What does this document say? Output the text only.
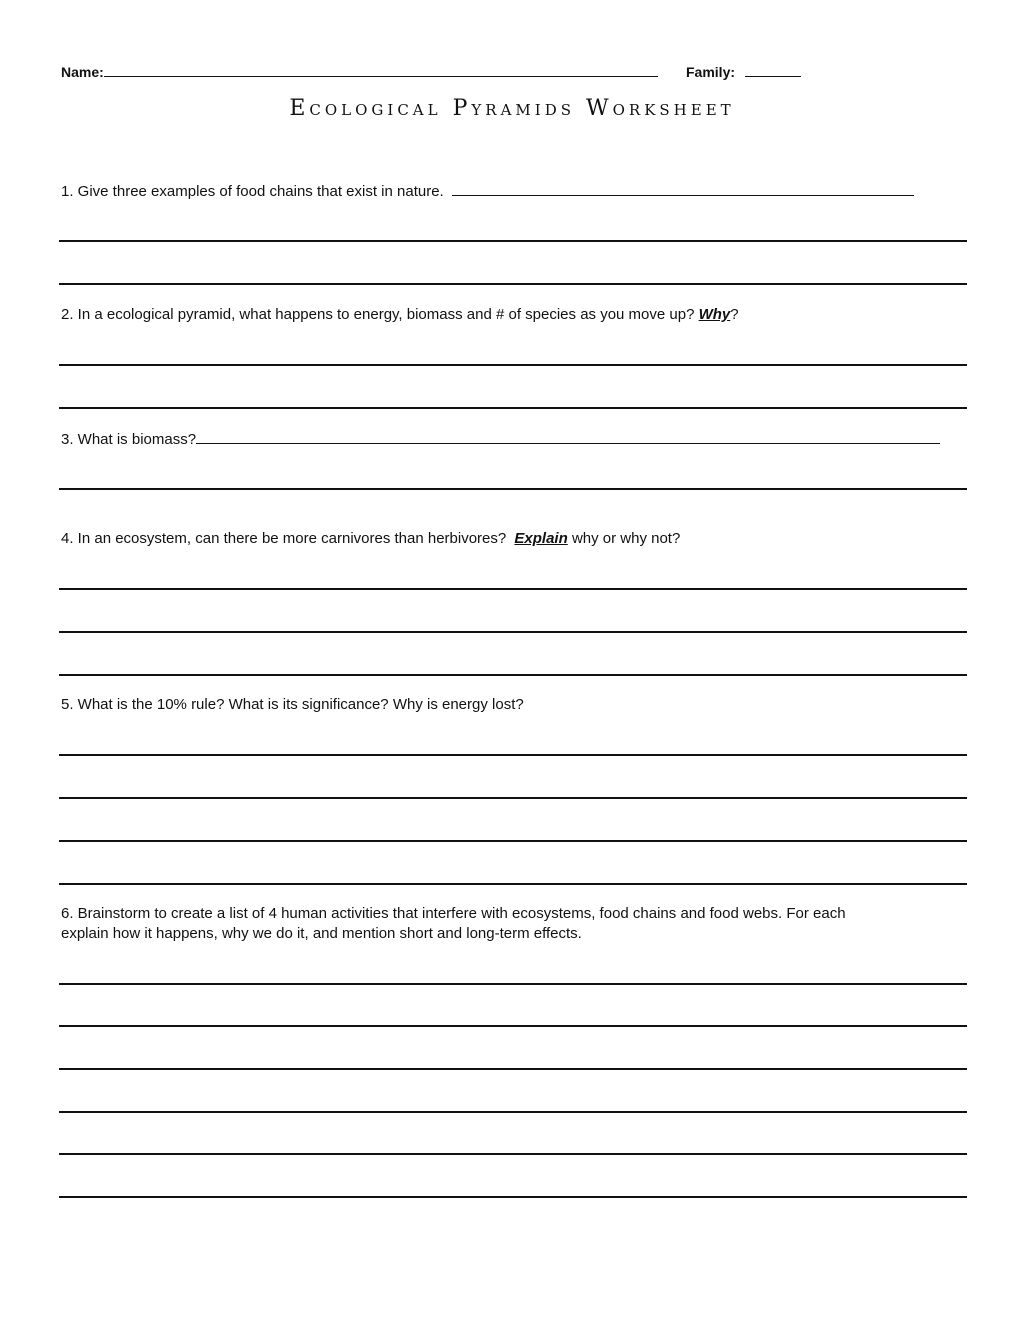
Name:	Family:
Ecological Pyramids Worksheet
1. Give three examples of food chains that exist in nature.
2. In a ecological pyramid, what happens to energy, biomass and # of species as you move up? Why?
3. What is biomass?
4. In an ecosystem, can there be more carnivores than herbivores? Explain why or why not?
5. What is the 10% rule? What is its significance? Why is energy lost?
6. Brainstorm to create a list of 4 human activities that interfere with ecosystems, food chains and food webs. For each
explain how it happens, why we do it, and mention short and long-term effects.
